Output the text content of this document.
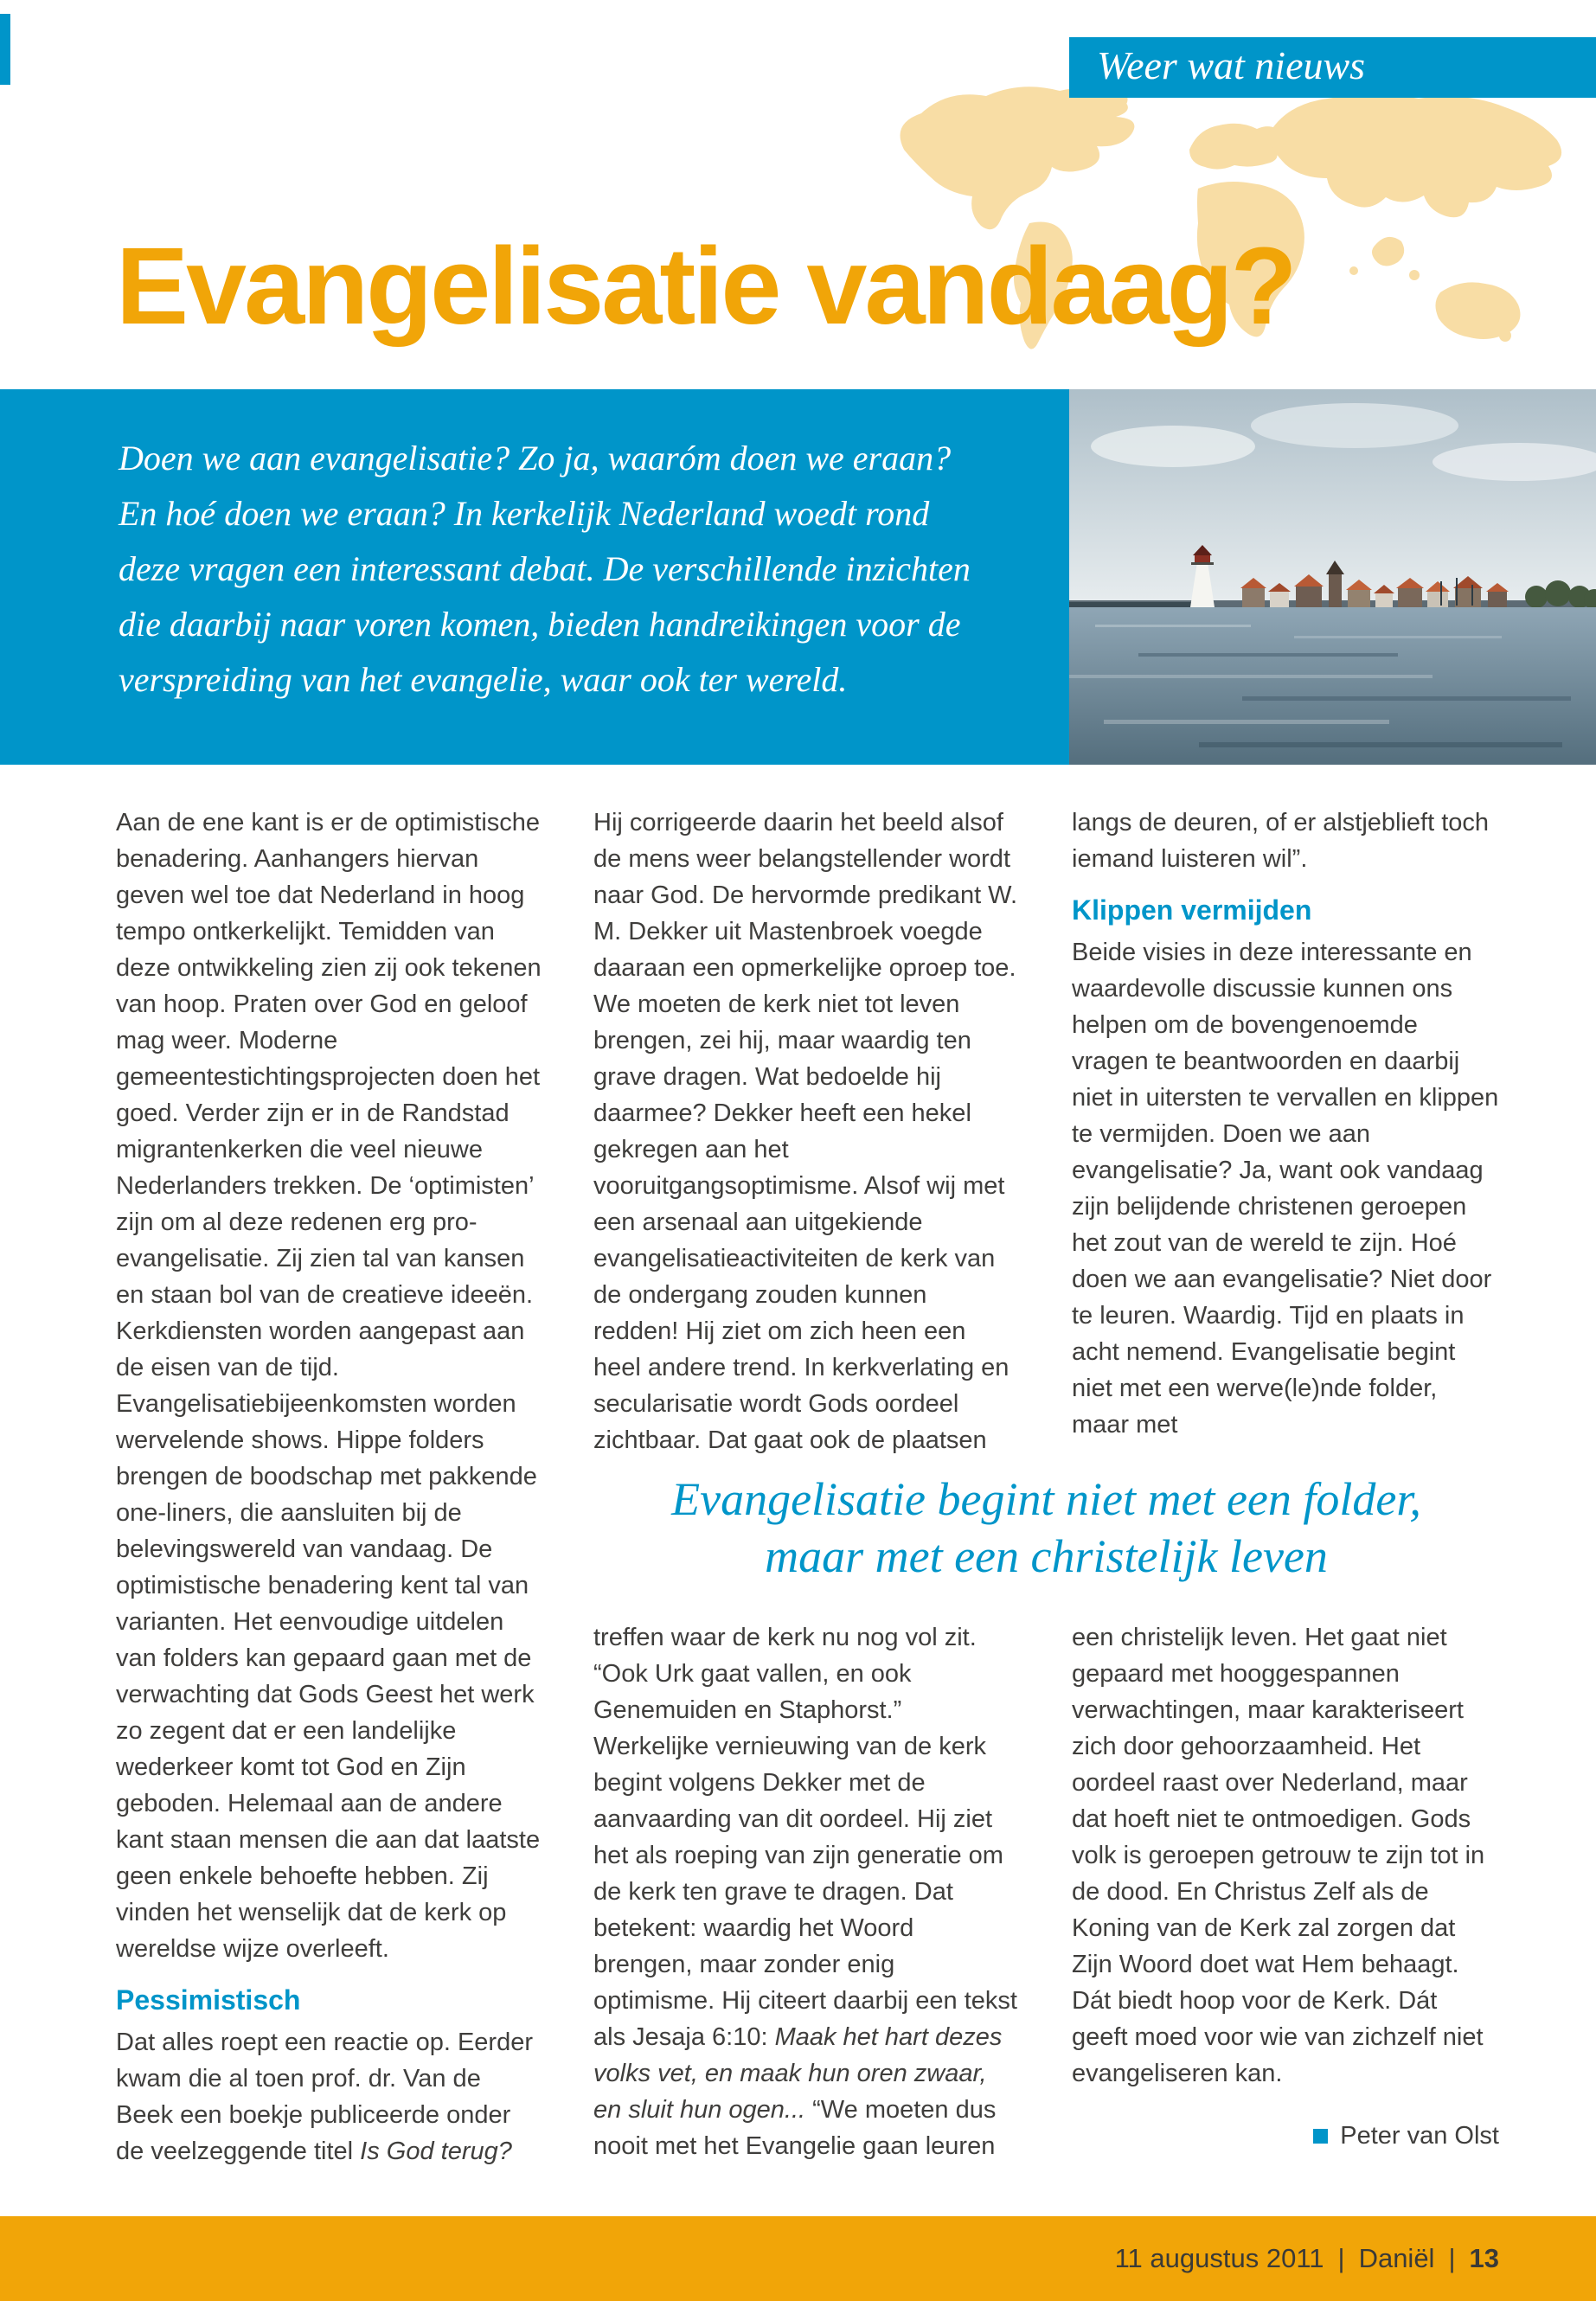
Weer wat nieuws
Evangelisatie vandaag?

Doen we aan evangelisatie? Zo ja, waaróm doen we eraan? En hoé doen we eraan? In kerkelijk Nederland woedt rond deze vragen een interessant debat. De verschillende inzichten die daarbij naar voren komen, bieden handreikingen voor de verspreiding van het evangelie, waar ook ter wereld.

Aan de ene kant is er de optimistische benadering. Aanhangers hiervan geven wel toe dat Nederland in hoog tempo ontkerkelijkt. Temidden van deze ontwikkeling zien zij ook tekenen van hoop. Praten over God en geloof mag weer. Moderne gemeentestichtingsprojecten doen het goed. Verder zijn er in de Randstad migrantenkerken die veel nieuwe Nederlanders trekken. De ‘optimisten’ zijn om al deze redenen erg pro-evangelisatie. Zij zien tal van kansen en staan bol van de creatieve ideeën. Kerkdiensten worden aangepast aan de eisen van de tijd. Evangelisatiebijeenkomsten worden wervelende shows. Hippe folders brengen de boodschap met pakkende one-liners, die aansluiten bij de belevingswereld van vandaag. De optimistische benadering kent tal van varianten. Het eenvoudige uitdelen van folders kan gepaard gaan met de verwachting dat Gods Geest het werk zo zegent dat er een landelijke wederkeer komt tot God en Zijn geboden. Helemaal aan de andere kant staan mensen die aan dat laatste geen enkele behoefte hebben. Zij vinden het wenselijk dat de kerk op wereldse wijze overleeft.

Pessimistisch

Dat alles roept een reactie op. Eerder kwam die al toen prof. dr. Van de Beek een boekje publiceerde onder de veelzeggende titel Is God terug?

Hij corrigeerde daarin het beeld alsof de mens weer belangstellender wordt naar God. De hervormde predikant W. M. Dekker uit Mastenbroek voegde daaraan een opmerkelijke oproep toe. We moeten de kerk niet tot leven brengen, zei hij, maar waardig ten grave dragen. Wat bedoelde hij daarmee? Dekker heeft een hekel gekregen aan het vooruitgangsoptimisme. Alsof wij met een arsenaal aan uitgekiende evangelisatieactiviteiten de kerk van de ondergang zouden kunnen redden! Hij ziet om zich heen een heel andere trend. In kerkverlating en secularisatie wordt Gods oordeel zichtbaar. Dat gaat ook de plaatsen

langs de deuren, of er alstjeblieft toch iemand luisteren wil”.

Klippen vermijden

Beide visies in deze interessante en waardevolle discussie kunnen ons helpen om de bovengenoemde vragen te beantwoorden en daarbij niet in uitersten te vervallen en klippen te vermijden. Doen we aan evangelisatie? Ja, want ook vandaag zijn belijdende christenen geroepen het zout van de wereld te zijn. Hoé doen we aan evangelisatie? Niet door te leuren. Waardig. Tijd en plaats in acht nemend. Evangelisatie begint niet met een werve(le)nde folder, maar met

Evangelisatie begint niet met een folder,
maar met een christelijk leven

treffen waar de kerk nu nog vol zit. “Ook Urk gaat vallen, en ook Genemuiden en Staphorst.” Werkelijke vernieuwing van de kerk begint volgens Dekker met de aanvaarding van dit oordeel. Hij ziet het als roeping van zijn generatie om de kerk ten grave te dragen. Dat betekent: waardig het Woord brengen, maar zonder enig optimisme. Hij citeert daarbij een tekst als Jesaja 6:10: Maak het hart dezes volks vet, en maak hun oren zwaar, en sluit hun ogen... “We moeten dus nooit met het Evangelie gaan leuren

een christelijk leven. Het gaat niet gepaard met hooggespannen verwachtingen, maar karakteriseert zich door gehoorzaamheid. Het oordeel raast over Nederland, maar dat hoeft niet te ontmoedigen. Gods volk is geroepen getrouw te zijn tot in de dood. En Christus Zelf als de Koning van de Kerk zal zorgen dat Zijn Woord doet wat Hem behaagt. Dát biedt hoop voor de Kerk. Dát geeft moed voor wie van zichzelf niet evangeliseren kan.

Peter van Olst
11 augustus 2011 | Daniël | 13
